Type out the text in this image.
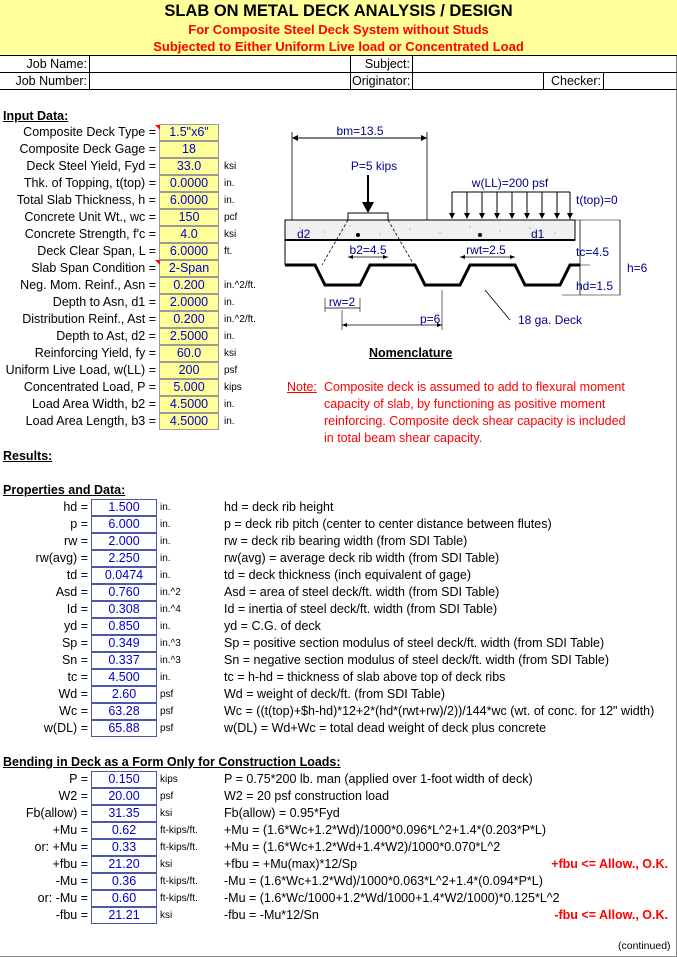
SLAB ON METAL DECK ANALYSIS / DESIGN
For Composite Steel Deck System without Studs
Subjected to Either Uniform Live load or Concentrated Load
Job Name:
Job Number:
Subject:
Originator:	Checker:
Input Data:
Composite Deck Type =	1.5"x6"
Composite Deck Gage =	18
Deck Steel Yield, Fyd =	33.0	ksi
Thk. of Topping, t(top) =	0.0000	in.
Total Slab Thickness, h =	6.0000	in.
Concrete Unit Wt., wc =	150	pcf
Concrete Strength, f'c =	4.0	ksi
Deck Clear Span, L =	6.0000	ft.
Slab Span Condition =	2-Span
Neg. Mom. Reinf., Asn =	0.200	in.^2/ft.
Depth to Asn, d1 =	2.0000	in.
Distribution Reinf., Ast =	0.200	in.^2/ft.
Depth to Ast, d2 =	2.5000	in.
Reinforcing Yield, fy =	60.0	ksi
Uniform Live Load, w(LL) =	200	psf
Concentrated Load, P =	5.000	kips
Load Area Width, b2 =	4.5000	in.
Load Area Length, b3 =	4.5000	in.
bm=13.5
P=5 kips
w(LL)=200 psf
t(top)=0
d2	d1
b2=4.5	rwt=2.5	tc=4.5
hd=1.5
h=6
rw=2
p=6	18 ga. Deck
Nomenclature
Note: Composite deck is assumed to add to flexural moment
capacity of slab, by functioning as positive moment
reinforcing. Composite deck shear capacity is included
in total beam shear capacity.
Results:
Properties and Data:
hd =	1.500	in.	hd = deck rib height
p =	6.000	in.	p = deck rib pitch (center to center distance between flutes)
rw =	2.000	in.	rw = deck rib bearing width (from SDI Table)
rw(avg) =	2.250	in.	rw(avg) = average deck rib width (from SDI Table)
td =	0.0474	in.	td = deck thickness (inch equivalent of gage)
Asd =	0.760	in.^2	Asd = area of steel deck/ft. width (from SDI Table)
Id =	0.308	in.^4	Id = inertia of steel deck/ft. width (from SDI Table)
yd =	0.850	in.	yd = C.G. of deck
Sp =	0.349	in.^3	Sp = positive section modulus of steel deck/ft. width (from SDI Table)
Sn =	0.337	in.^3	Sn = negative section modulus of steel deck/ft. width (from SDI Table)
tc =	4.500	in.	tc = h-hd = thickness of slab above top of deck ribs
Wd =	2.60	psf	Wd = weight of deck/ft. (from SDI Table)
Wc =	63.28	psf	Wc = ((t(top)+$h-hd)*12+2*(hd*(rwt+rw)/2))/144*wc (wt. of conc. for 12" width)
w(DL) =	65.88	psf	w(DL) = Wd+Wc = total dead weight of deck plus concrete
Bending in Deck as a Form Only for Construction Loads:
P =	0.150	kips	P = 0.75*200 lb. man (applied over 1-foot width of deck)
W2 =	20.00	psf	W2 = 20 psf construction load
Fb(allow) =	31.35	ksi	Fb(allow) = 0.95*Fyd
+Mu =	0.62	ft-kips/ft. +Mu = (1.6*Wc+1.2*Wd)/1000*0.096*L^2+1.4*(0.203*P*L)
or: +Mu =	0.33	ft-kips/ft. +Mu = (1.6*Wc+1.2*Wd+1.4*W2)/1000*0.070*L^2
+fbu =	21.20	ksi	+fbu = +Mu(max)*12/Sp	+fbu <= Allow., O.K.
-Mu =	0.36	ft-kips/ft. -Mu = (1.6*Wc+1.2*Wd)/1000*0.063*L^2+1.4*(0.094*P*L)
or: -Mu =	0.60	ft-kips/ft. -Mu = (1.6*Wc/1000+1.2*Wd/1000+1.4*W2/1000)*0.125*L^2
-fbu =	21.21	ksi	-fbu = -Mu*12/Sn	-fbu <= Allow., O.K.
(continued)
